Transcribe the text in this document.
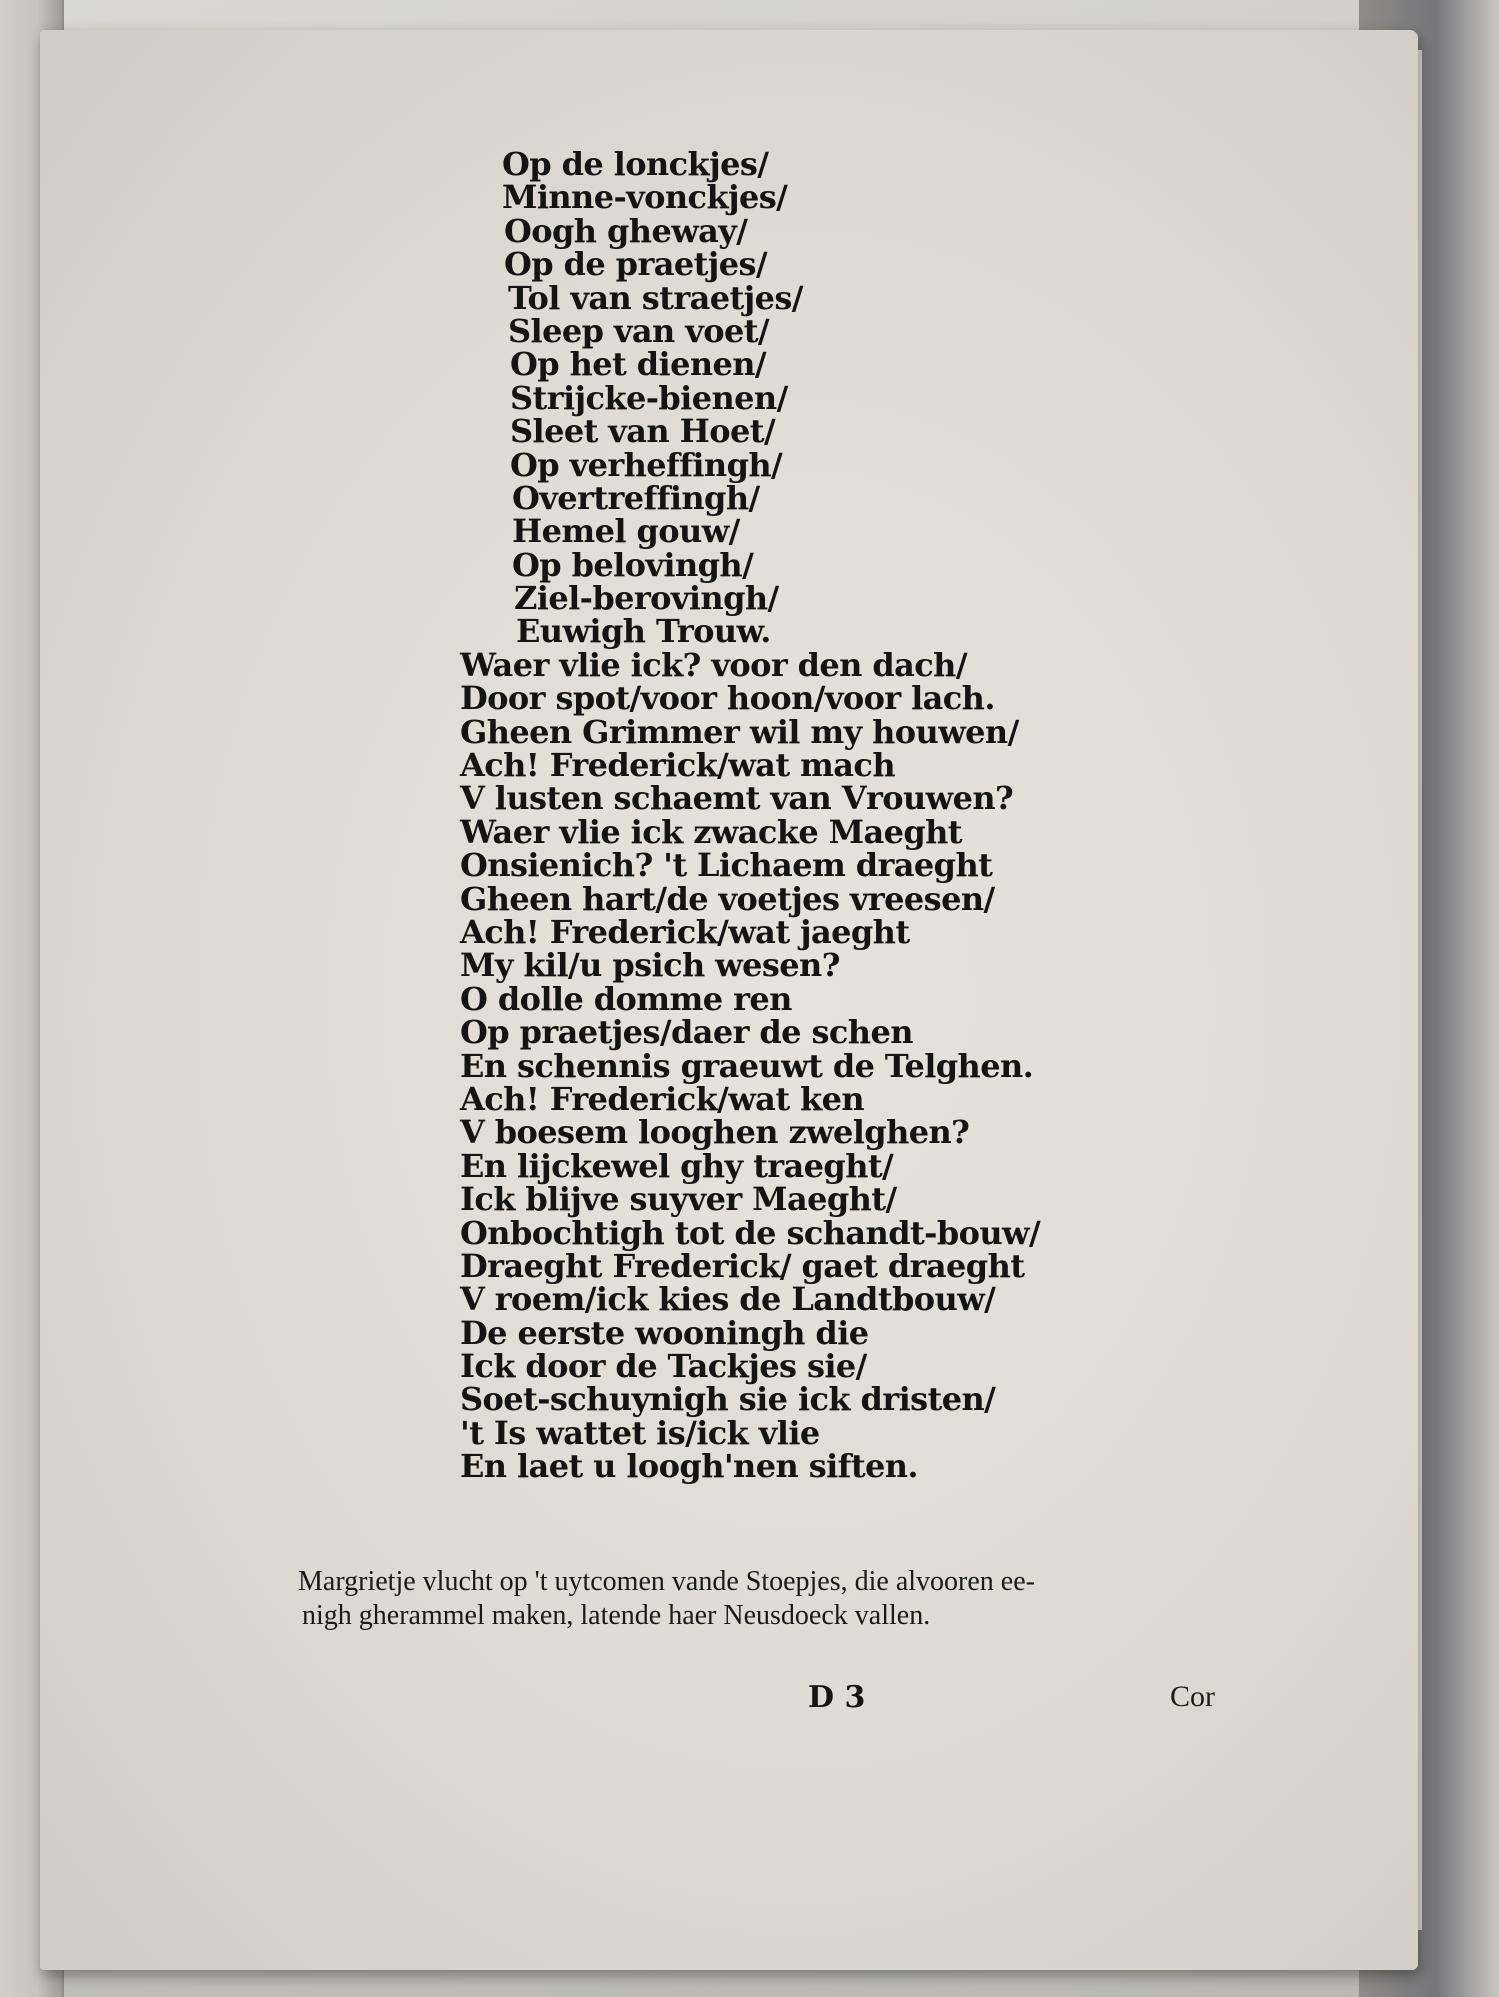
Op de lonckjes/
Minne-vonckjes/
Oogh gheway/
Op de praetjes/
Tol van straetjes/
Sleep van voet/
Op het dienen/
Strijcke-bienen/
Sleet van Hoet/
Op verheffingh/
Overtreffingh/
Hemel gouw/
Op belovingh/
Ziel-berovingh/
Euwigh Trouw.
Waer vlie ick? voor den dach/
Door spot/voor hoon/voor lach.
Gheen Grimmer wil my houwen/
Ach! Frederick/wat mach
V lusten schaemt van Vrouwen?
Waer vlie ick zwacke Maeght
Onsienich? 't Lichaem draeght
Gheen hart/de voetjes vreesen/
Ach! Frederick/wat jaeght
My kil/u psich wesen?
O dolle domme ren
Op praetjes/daer de schen
En schennis graeuwt de Telghen.
Ach! Frederick/wat ken
V boesem looghen zwelghen?
En lijckewel ghy traeght/
Ick blijve suyver Maeght/
Onbochtigh tot de schandt-bouw/
Draeght Frederick/ gaet draeght
V roem/ick kies de Landtbouw/
De eerste wooningh die
Ick door de Tackjes sie/
Soet-schuynigh sie ick dristen/
't Is wattet is/ick vlie
En laet u loogh'nen siften.
Margrietje vlucht op 't uytcomen vande Stoepjes, die alvooren ee-
nigh gherammel maken, latende haer Neusdoeck vallen.
D 3	Cor
